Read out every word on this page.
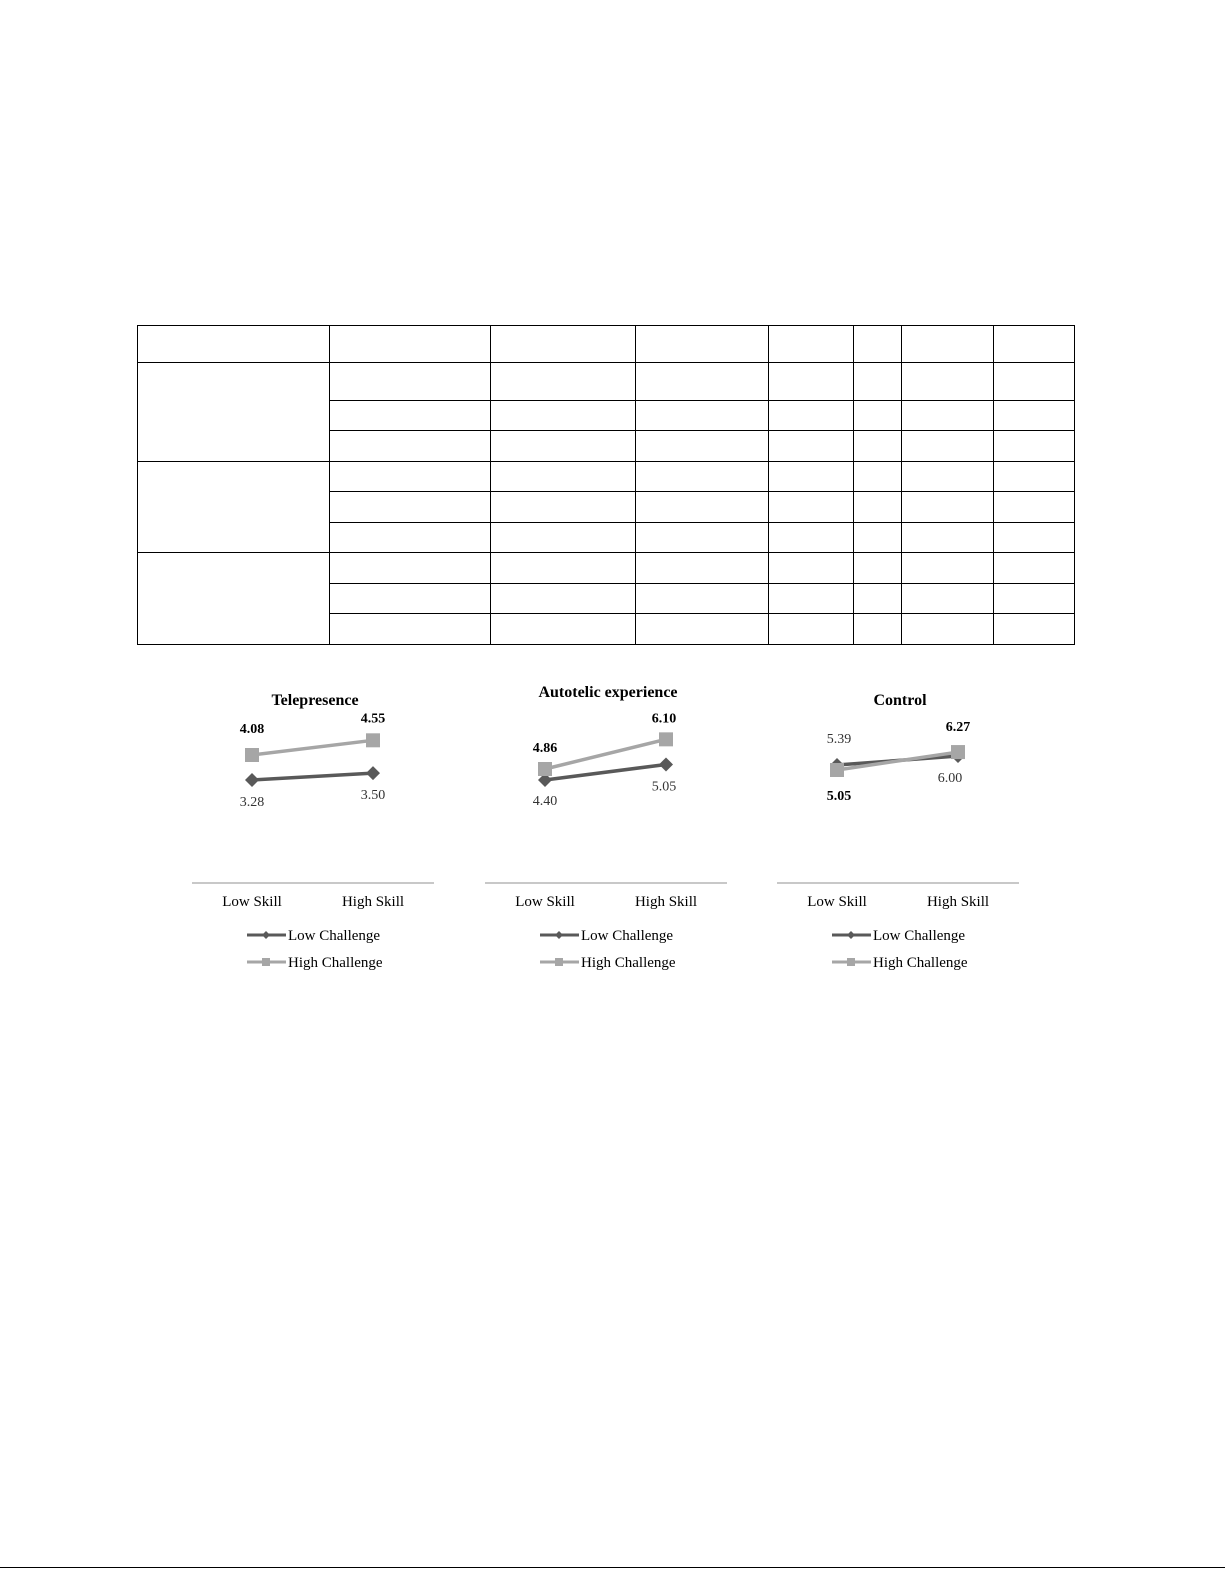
Telepresence
3.28	3.50
4.08
4.55
Low Skill	High Skill
Low Challenge
High Challenge
Autotelic experience
4.40
5.05
4.86
6.10
Low Skill	High Skill
Low Challenge
High Challenge
Control
5.39
6.00
5.05
6.27
Low Skill	High Skill
Low Challenge
High Challenge
